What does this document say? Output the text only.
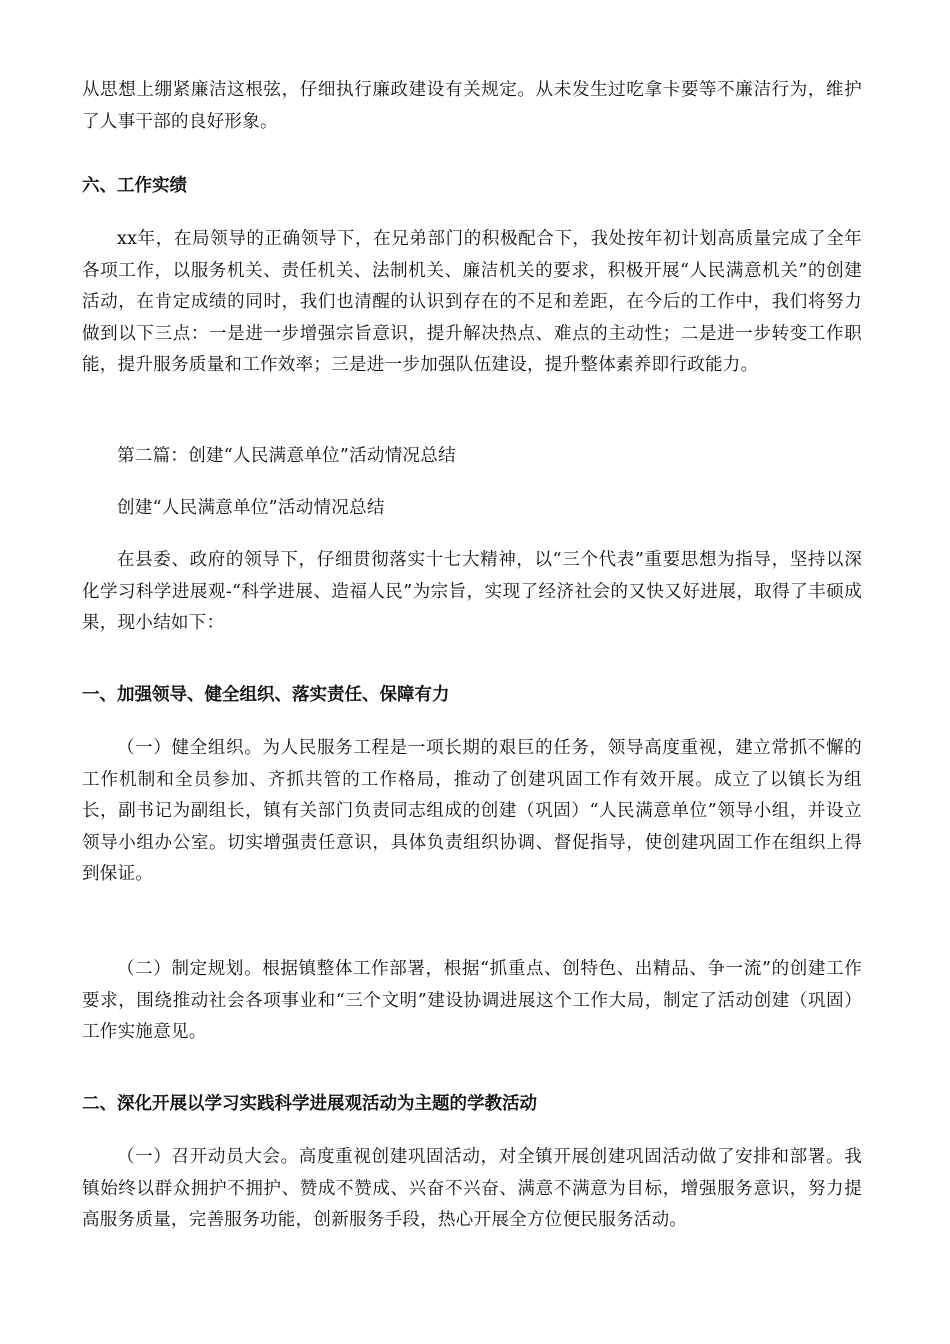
从思想上绷紧廉洁这根弦，仔细执行廉政建设有关规定。从未发生过吃拿卡要等不廉洁行为，维护了人事干部的良好形象。

六、工作实绩

xx年，在局领导的正确领导下，在兄弟部门的积极配合下，我处按年初计划高质量完成了全年各项工作，以服务机关、责任机关、法制机关、廉洁机关的要求，积极开展“人民满意机关”的创建活动，在肯定成绩的同时，我们也清醒的认识到存在的不足和差距，在今后的工作中，我们将努力做到以下三点：一是进一步增强宗旨意识，提升解决热点、难点的主动性；二是进一步转变工作职能，提升服务质量和工作效率；三是进一步加强队伍建设，提升整体素养即行政能力。

第二篇：创建“人民满意单位”活动情况总结

创建“人民满意单位”活动情况总结

在县委、政府的领导下，仔细贯彻落实十七大精神，以“三个代表”重要思想为指导，坚持以深化学习科学进展观-“科学进展、造福人民”为宗旨，实现了经济社会的又快又好进展，取得了丰硕成果，现小结如下：

一、加强领导、健全组织、落实责任、保障有力

（一）健全组织。为人民服务工程是一项长期的艰巨的任务，领导高度重视，建立常抓不懈的工作机制和全员参加、齐抓共管的工作格局，推动了创建巩固工作有效开展。成立了以镇长为组长，副书记为副组长，镇有关部门负责同志组成的创建（巩固）“人民满意单位”领导小组，并设立领导小组办公室。切实增强责任意识，具体负责组织协调、督促指导，使创建巩固工作在组织上得到保证。

（二）制定规划。根据镇整体工作部署，根据“抓重点、创特色、出精品、争一流”的创建工作要求，围绕推动社会各项事业和“三个文明”建设协调进展这个工作大局，制定了活动创建（巩固）工作实施意见。

二、深化开展以学习实践科学进展观活动为主题的学教活动

（一）召开动员大会。高度重视创建巩固活动，对全镇开展创建巩固活动做了安排和部署。我镇始终以群众拥护不拥护、赞成不赞成、兴奋不兴奋、满意不满意为目标，增强服务意识，努力提高服务质量，完善服务功能，创新服务手段，热心开展全方位便民服务活动。
